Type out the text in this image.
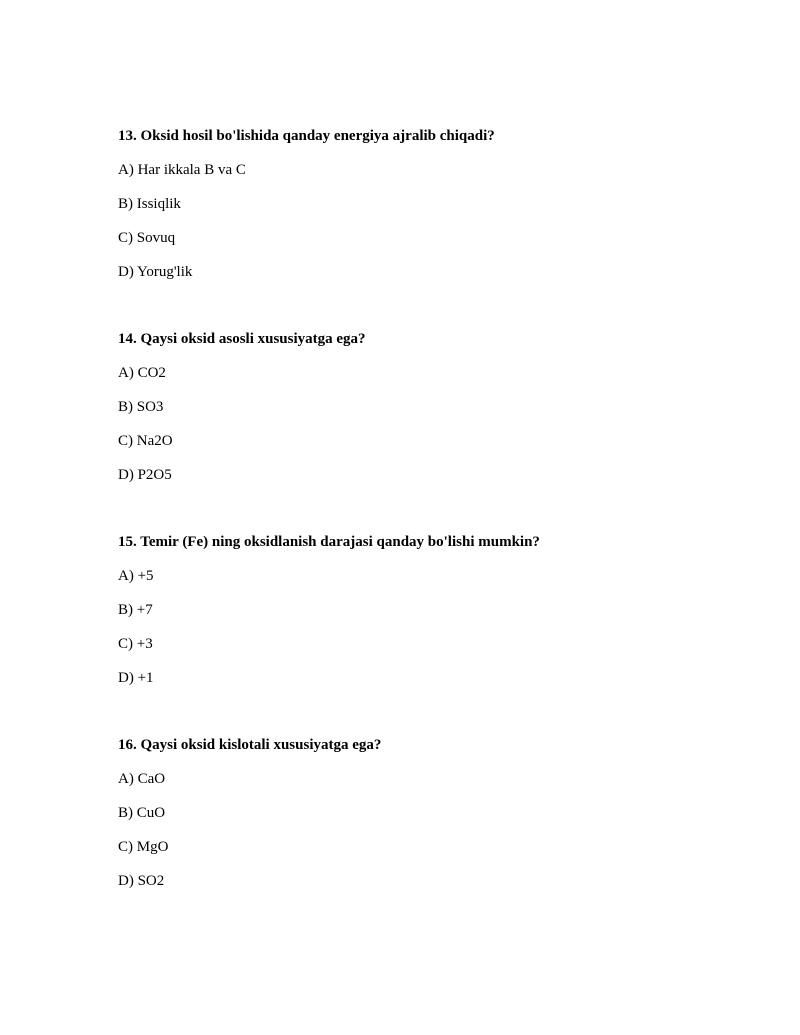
13. Oksid hosil bo'lishida qanday energiya ajralib chiqadi?
A) Har ikkala B va C
B) Issiqlik
C) Sovuq
D) Yorug'lik
14. Qaysi oksid asosli xususiyatga ega?
A) CO2
B) SO3
C) Na2O
D) P2O5
15. Temir (Fe) ning oksidlanish darajasi qanday bo'lishi mumkin?
A) +5
B) +7
C) +3
D) +1
16. Qaysi oksid kislotali xususiyatga ega?
A) CaO
B) CuO
C) MgO
D) SO2
